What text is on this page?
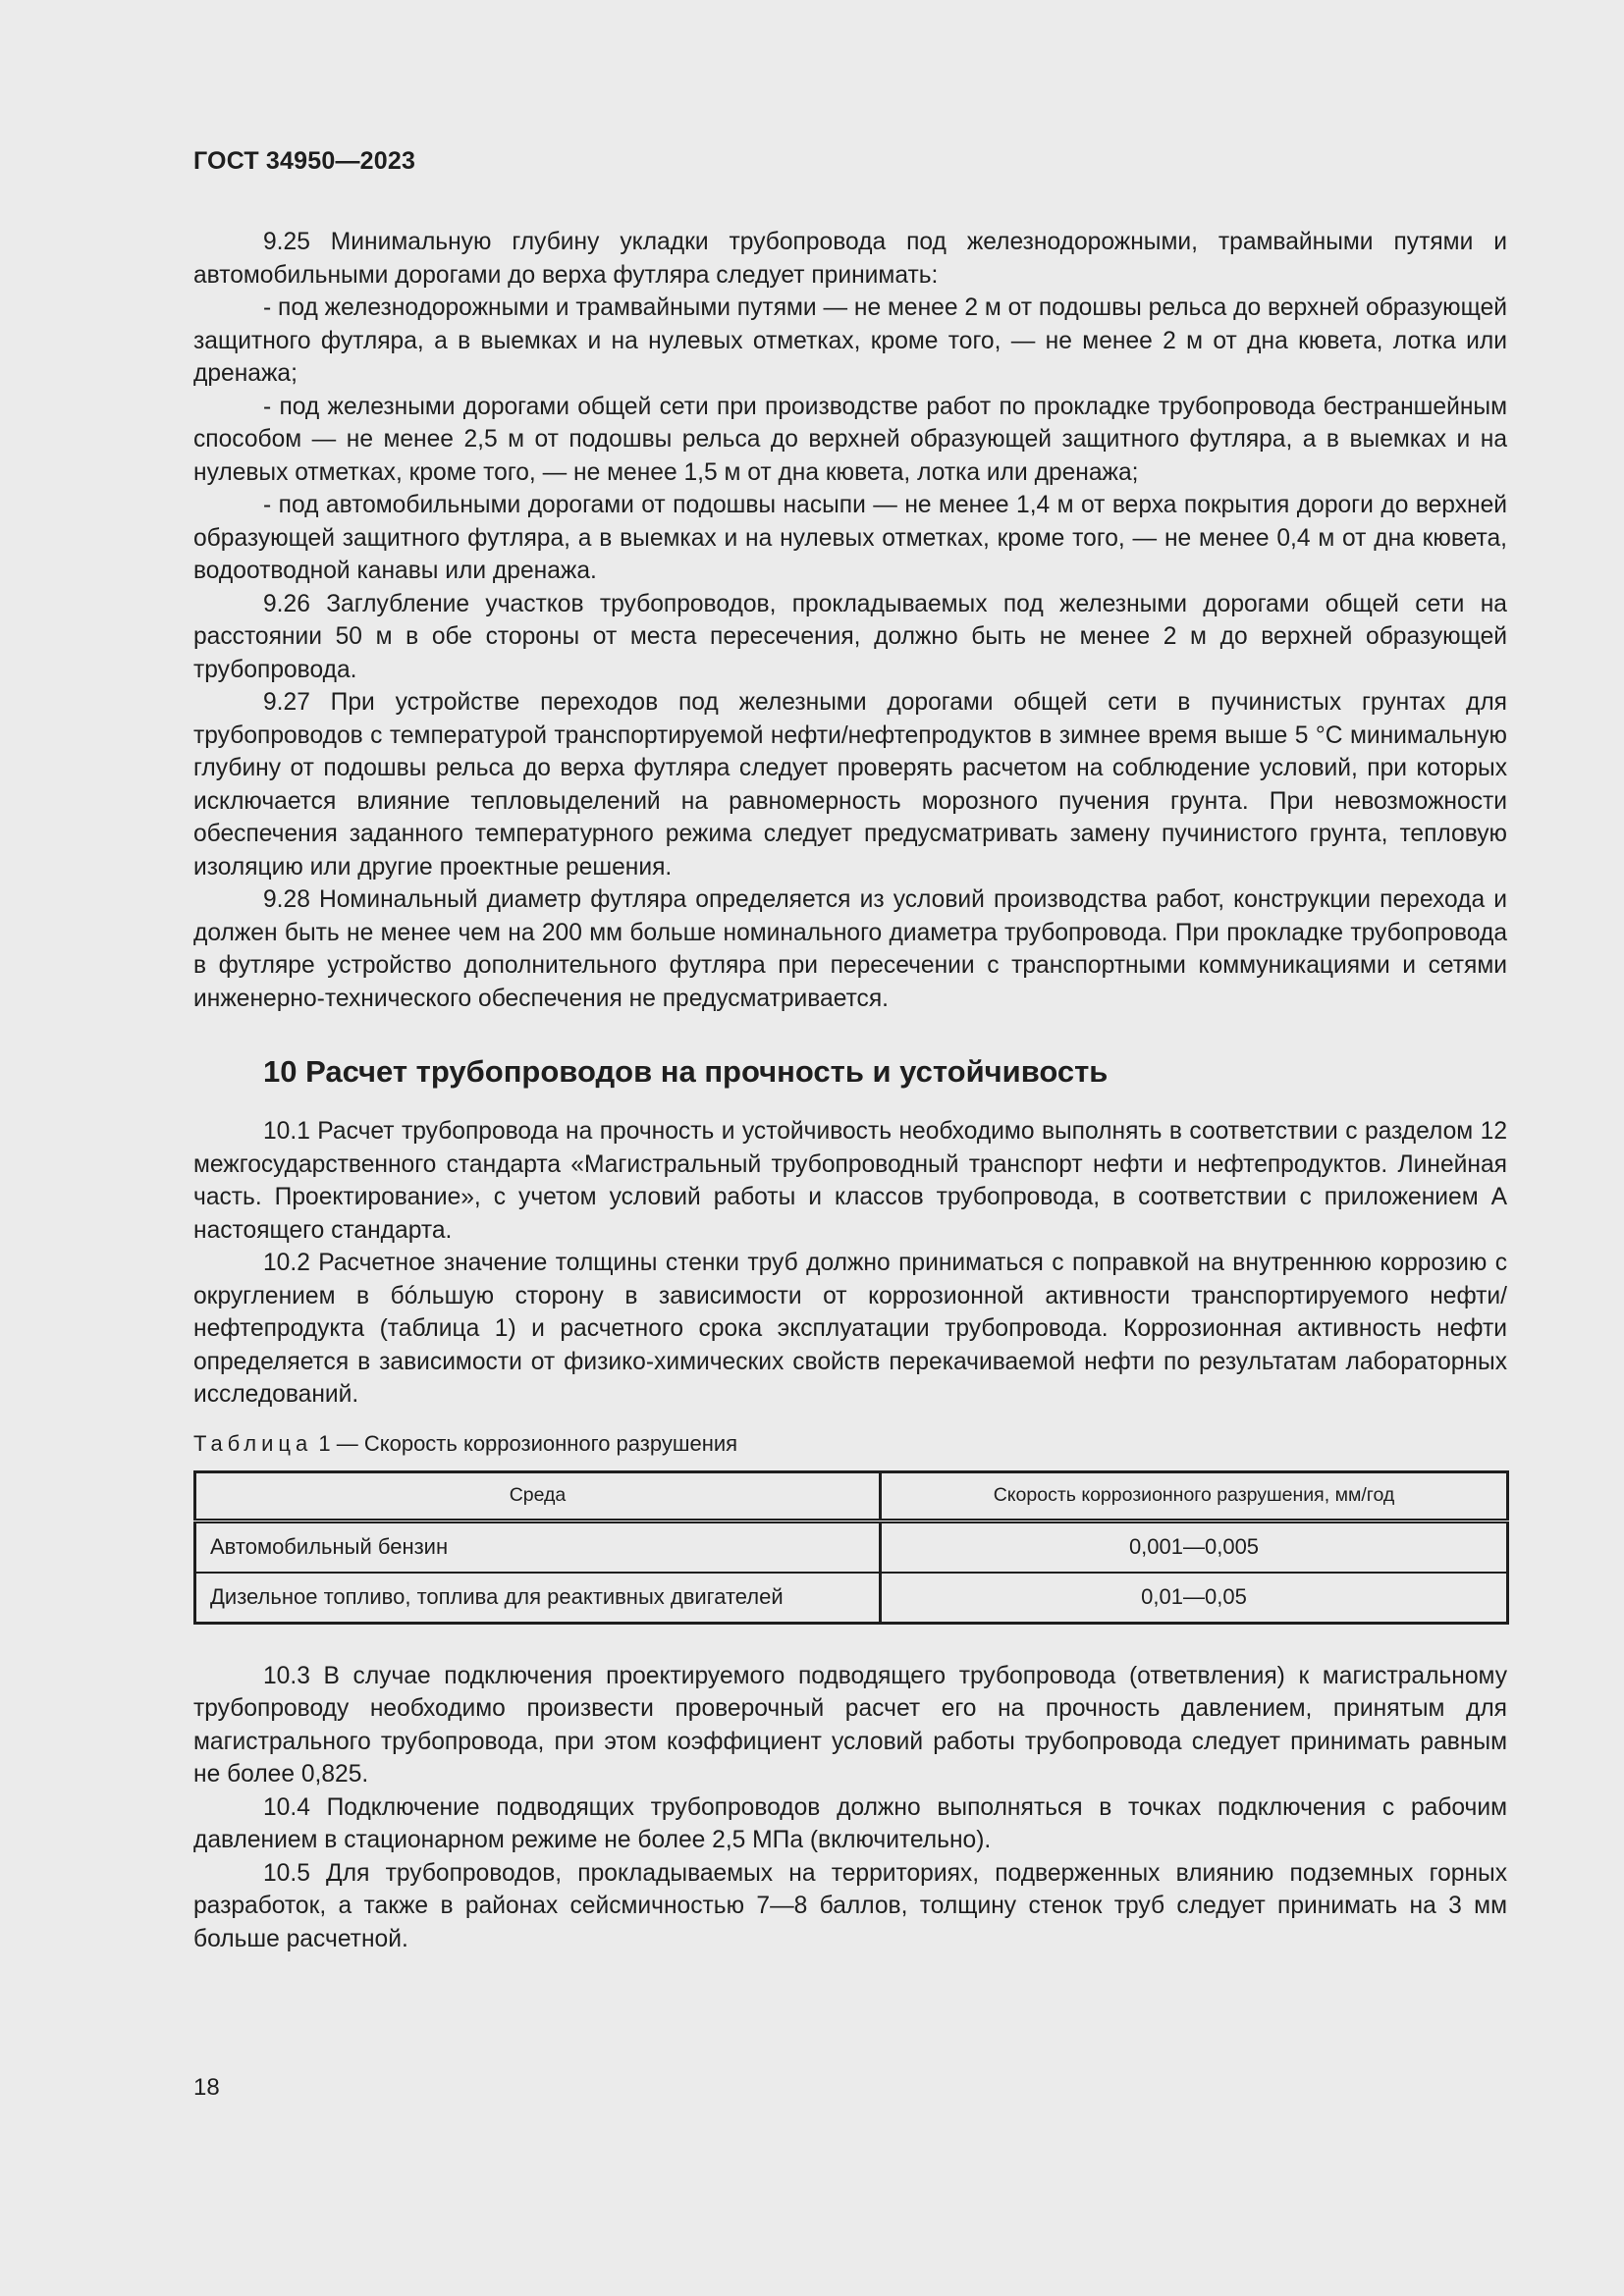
ГОСТ 34950—2023

9.25 Минимальную глубину укладки трубопровода под железнодорожными, трамвайными путями и автомобильными дорогами до верха футляра следует принимать:

- под железнодорожными и трамвайными путями — не менее 2 м от подошвы рельса до верхней образующей защитного футляра, а в выемках и на нулевых отметках, кроме того, — не менее 2 м от дна кювета, лотка или дренажа;

- под железными дорогами общей сети при производстве работ по прокладке трубопровода бестраншейным способом — не менее 2,5 м от подошвы рельса до верхней образующей защитного футляра, а в выемках и на нулевых отметках, кроме того, — не менее 1,5 м от дна кювета, лотка или дренажа;

- под автомобильными дорогами от подошвы насыпи — не менее 1,4 м от верха покрытия дороги до верхней образующей защитного футляра, а в выемках и на нулевых отметках, кроме того, — не менее 0,4 м от дна кювета, водоотводной канавы или дренажа.

9.26 Заглубление участков трубопроводов, прокладываемых под железными дорогами общей сети на расстоянии 50 м в обе стороны от места пересечения, должно быть не менее 2 м до верхней образующей трубопровода.

9.27 При устройстве переходов под железными дорогами общей сети в пучинистых грунтах для трубопроводов с температурой транспортируемой нефти/нефтепродуктов в зимнее время выше 5 °С минимальную глубину от подошвы рельса до верха футляра следует проверять расчетом на соблюдение условий, при которых исключается влияние тепловыделений на равномерность морозного пучения грунта. При невозможности обеспечения заданного температурного режима следует предусматривать замену пучинистого грунта, тепловую изоляцию или другие проектные решения.

9.28 Номинальный диаметр футляра определяется из условий производства работ, конструкции перехода и должен быть не менее чем на 200 мм больше номинального диаметра трубопровода. При прокладке трубопровода в футляре устройство дополнительного футляра при пересечении с транспортными коммуникациями и сетями инженерно-технического обеспечения не предусматривается.

10 Расчет трубопроводов на прочность и устойчивость

10.1 Расчет трубопровода на прочность и устойчивость необходимо выполнять в соответствии с разделом 12 межгосударственного стандарта «Магистральный трубопроводный транспорт нефти и нефтепродуктов. Линейная часть. Проектирование», с учетом условий работы и классов трубопровода, в соответствии с приложением А настоящего стандарта.

10.2 Расчетное значение толщины стенки труб должно приниматься с поправкой на внутреннюю коррозию с округлением в бóльшую сторону в зависимости от коррозионной активности транспортируемого нефти/нефтепродукта (таблица 1) и расчетного срока эксплуатации трубопровода. Коррозионная активность нефти определяется в зависимости от физико-химических свойств перекачиваемой нефти по результатам лабораторных исследований.

Таблица 1 — Скорость коррозионного разрушения
Среда	Скорость коррозионного разрушения, мм/год
Автомобильный бензин	0,001—0,005
Дизельное топливо, топлива для реактивных двигателей	0,01—0,05

10.3 В случае подключения проектируемого подводящего трубопровода (ответвления) к магистральному трубопроводу необходимо произвести проверочный расчет его на прочность давлением, принятым для магистрального трубопровода, при этом коэффициент условий работы трубопровода следует принимать равным не более 0,825.

10.4 Подключение подводящих трубопроводов должно выполняться в точках подключения с рабочим давлением в стационарном режиме не более 2,5 МПа (включительно).

10.5 Для трубопроводов, прокладываемых на территориях, подверженных влиянию подземных горных разработок, а также в районах сейсмичностью 7—8 баллов, толщину стенок труб следует принимать на 3 мм больше расчетной.

18
